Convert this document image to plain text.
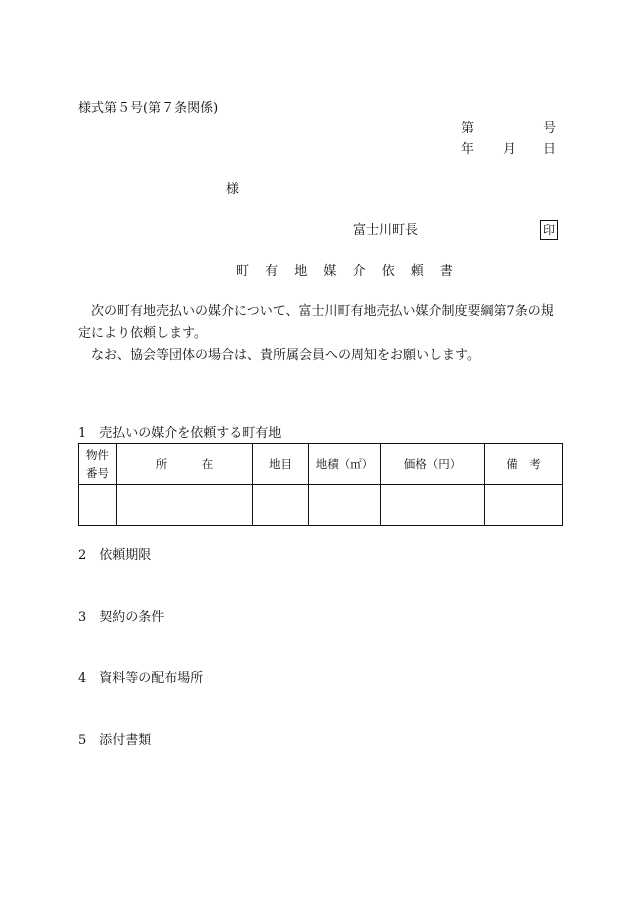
様式第５号(第７条関係)
第	号
年 月 日
様
富士川町長	印
町 有 地 媒 介 依 頼 書

次の町有地売払いの媒介について、富士川町有地売払い媒介制度要綱第7条の規定により依頼します。

なお、協会等団体の場合は、貴所属会員への周知をお願いします。

1　売払いの媒介を依頼する町有地
物件
番号	所　　　在	地目	地積（㎡）	価格（円）	備　考

2　依頼期限
3　契約の条件
4　資料等の配布場所
5　添付書類
